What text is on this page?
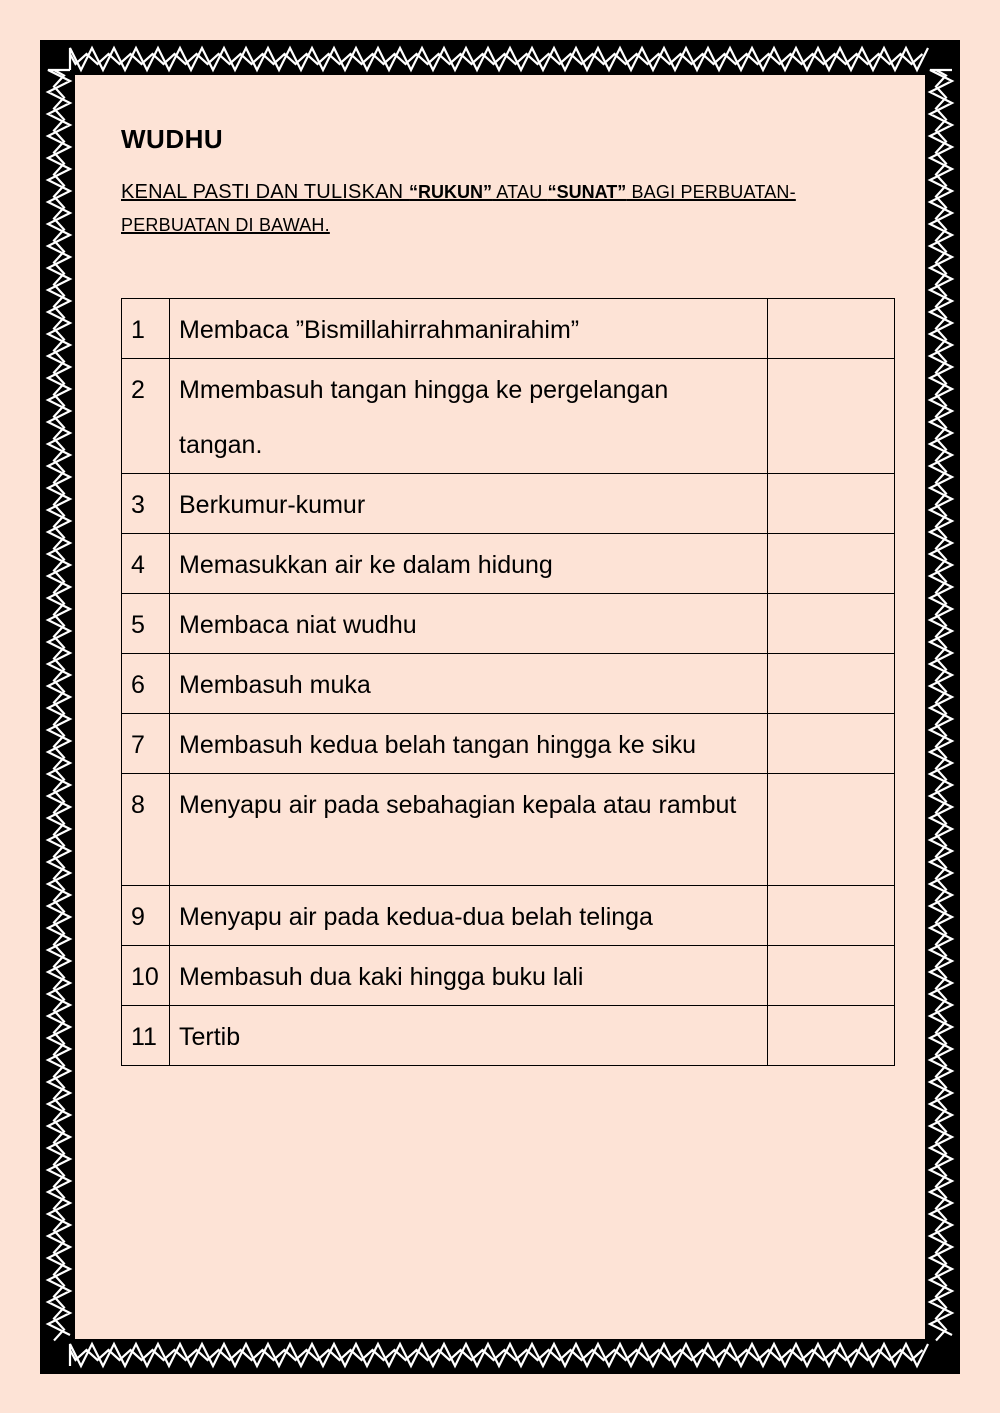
WUDHU
KENAL PASTI DAN TULISKAN “RUKUN” ATAU “SUNAT” BAGI PERBUATAN-PERBUATAN DI BAWAH.
1	Membaca ”Bismillahirrahmanirahim”	
2	Mmembasuh tangan hingga ke pergelangan tangan.	
3	Berkumur-kumur	
4	Memasukkan air ke dalam hidung	
5	Membaca niat wudhu	
6	Membasuh muka	
7	Membasuh kedua belah tangan hingga ke siku	
8	Menyapu air pada sebahagian kepala atau rambut	
9	Menyapu air pada kedua-dua belah telinga	
10	Membasuh dua kaki hingga buku lali	
11	Tertib	
